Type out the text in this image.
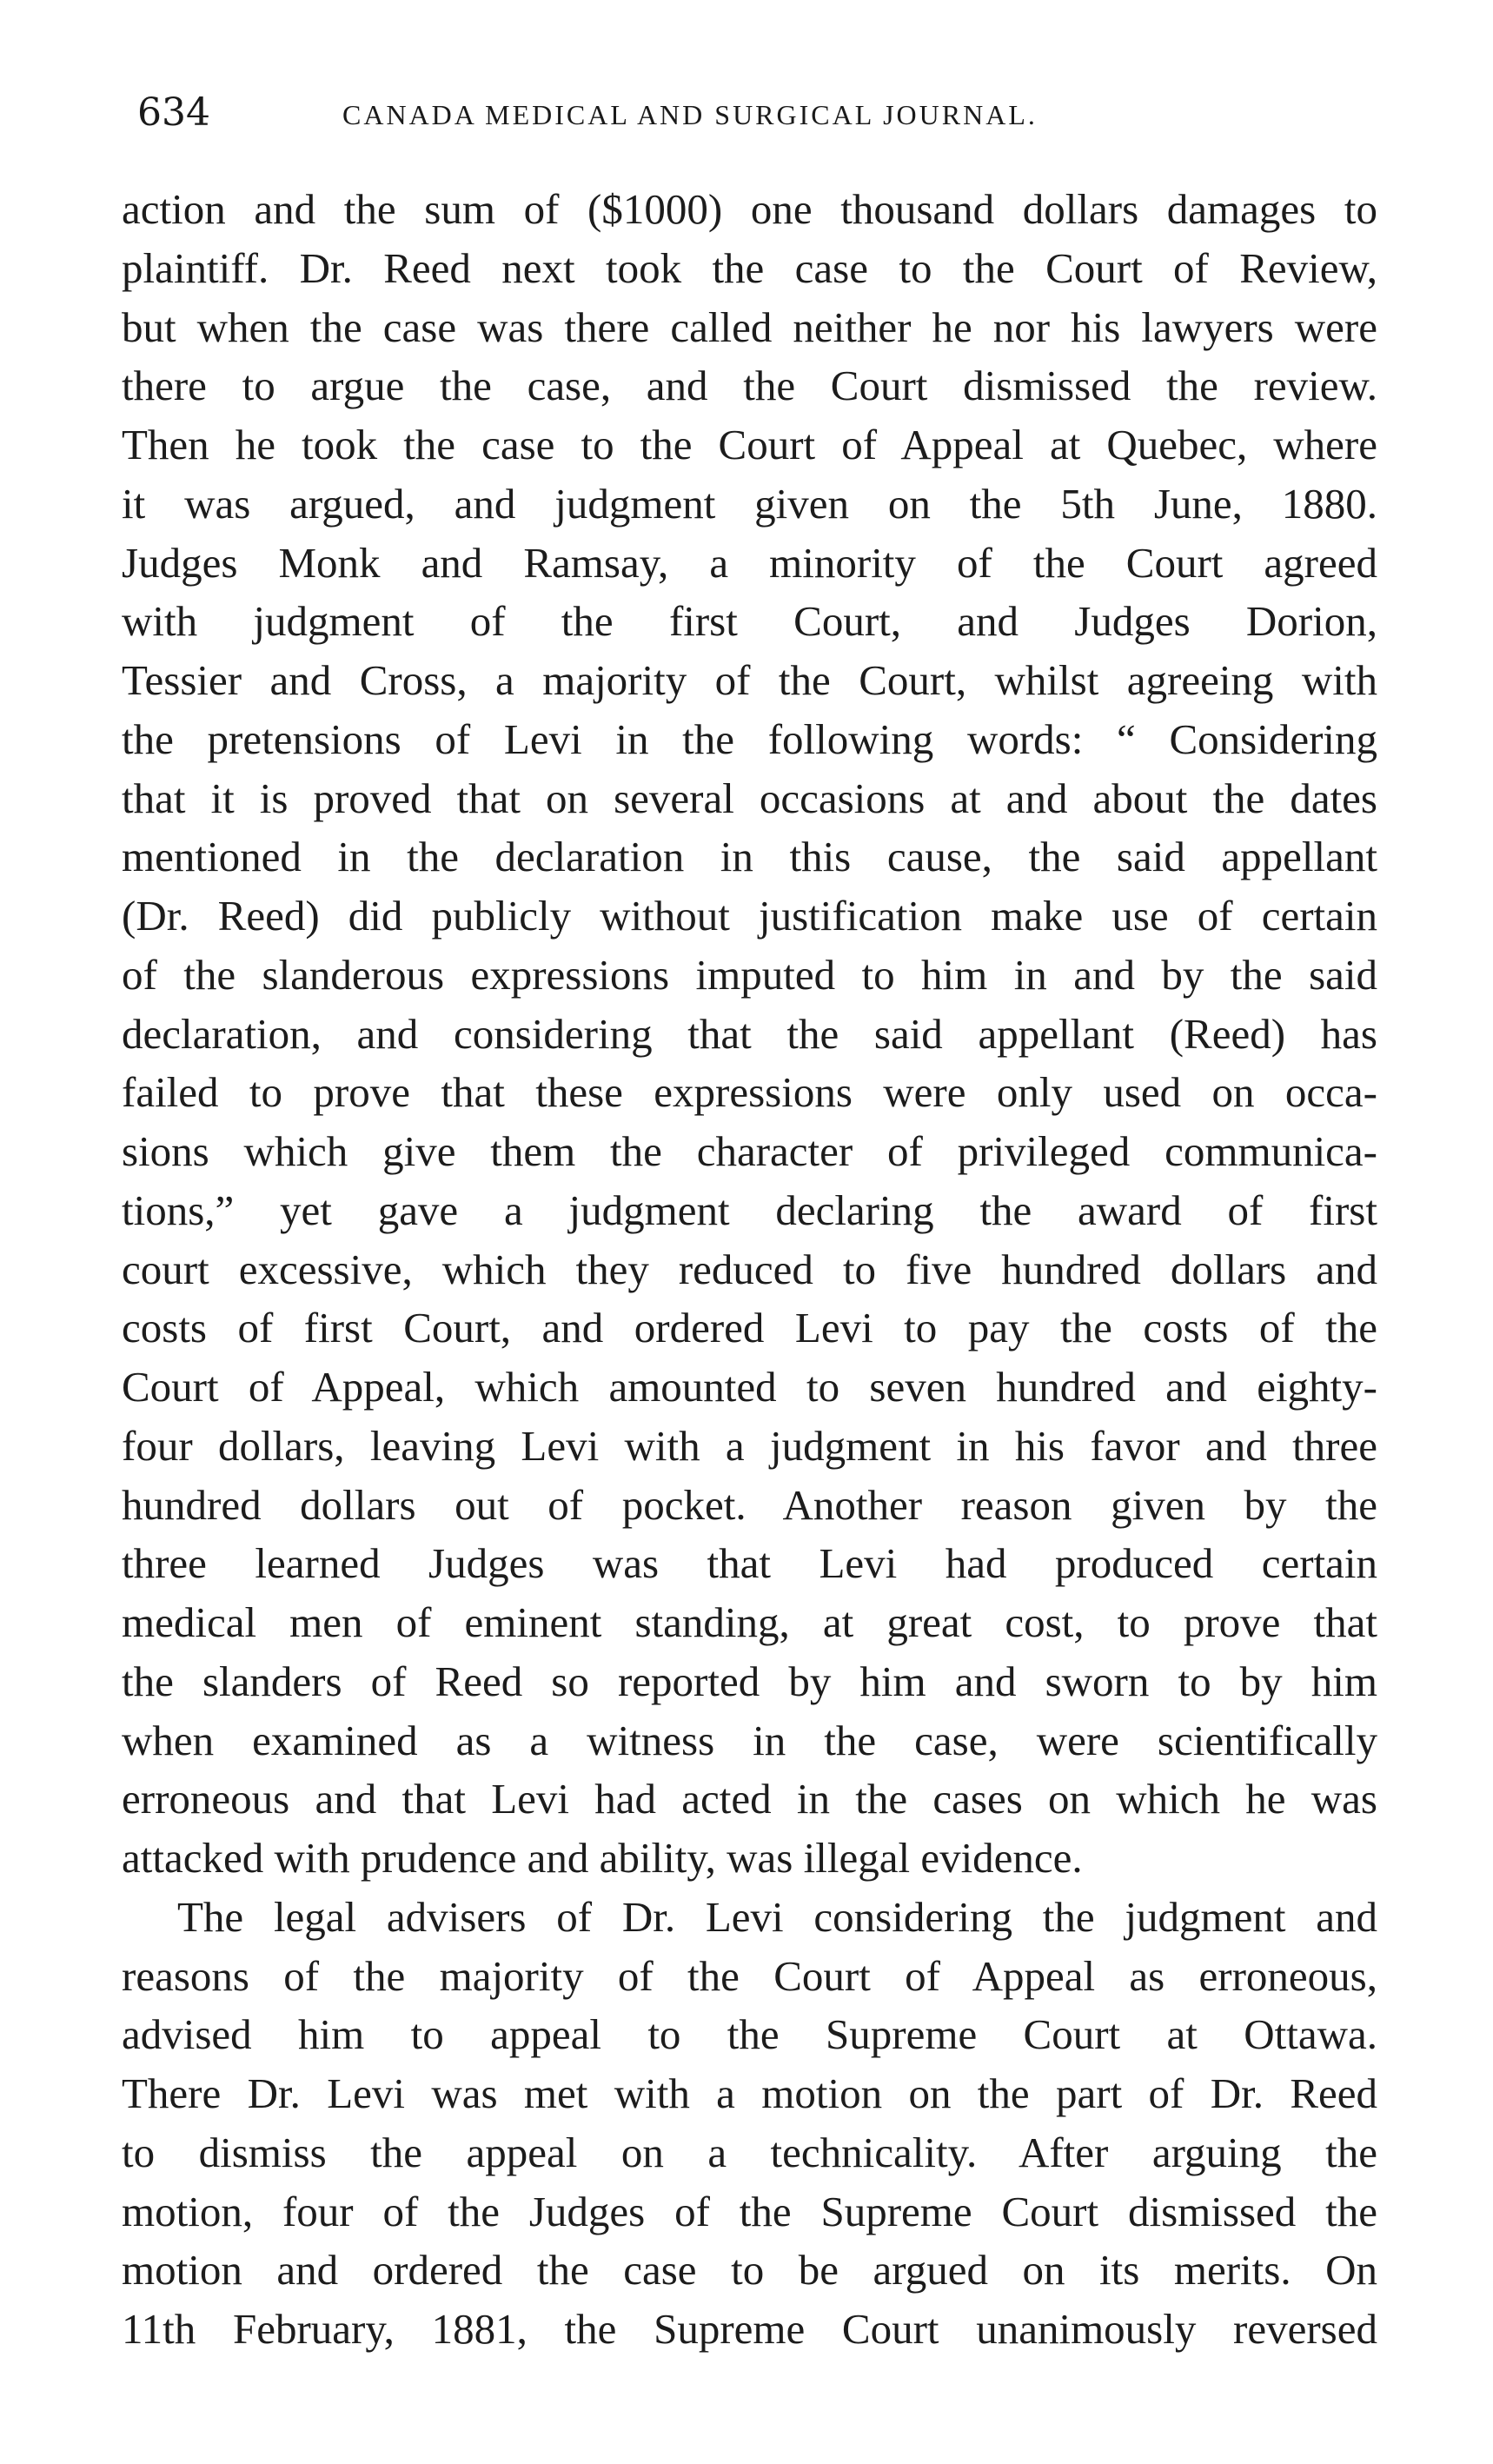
634	CANADA MEDICAL AND SURGICAL JOURNAL.
action and the sum of ($1000) one thousand dollars damages to
plaintiff. Dr. Reed next took the case to the Court of Review,
but when the case was there called neither he nor his lawyers were
there to argue the case, and the Court dismissed the review.
Then he took the case to the Court of Appeal at Quebec, where
it was argued, and judgment given on the 5th June, 1880.
Judges Monk and Ramsay, a minority of the Court agreed
with judgment of the first Court, and Judges Dorion,
Tessier and Cross, a majority of the Court, whilst agreeing with
the pretensions of Levi in the following words: “ Considering
that it is proved that on several occasions at and about the dates
mentioned in the declaration in this cause, the said appellant
(Dr. Reed) did publicly without justification make use of certain
of the slanderous expressions imputed to him in and by the said
declaration, and considering that the said appellant (Reed) has
failed to prove that these expressions were only used on occa-
sions which give them the character of privileged communica-
tions,” yet gave a judgment declaring the award of first
court excessive, which they reduced to five hundred dollars and
costs of first Court, and ordered Levi to pay the costs of the
Court of Appeal, which amounted to seven hundred and eighty-
four dollars, leaving Levi with a judgment in his favor and three
hundred dollars out of pocket. Another reason given by the
three learned Judges was that Levi had produced certain
medical men of eminent standing, at great cost, to prove that
the slanders of Reed so reported by him and sworn to by him
when examined as a witness in the case, were scientifically
erroneous and that Levi had acted in the cases on which he was
attacked with prudence and ability, was illegal evidence.
The legal advisers of Dr. Levi considering the judgment and
reasons of the majority of the Court of Appeal as erroneous,
advised him to appeal to the Supreme Court at Ottawa.
There Dr. Levi was met with a motion on the part of Dr. Reed
to dismiss the appeal on a technicality. After arguing the
motion, four of the Judges of the Supreme Court dismissed the
motion and ordered the case to be argued on its merits. On
11th February, 1881, the Supreme Court unanimously reversed
